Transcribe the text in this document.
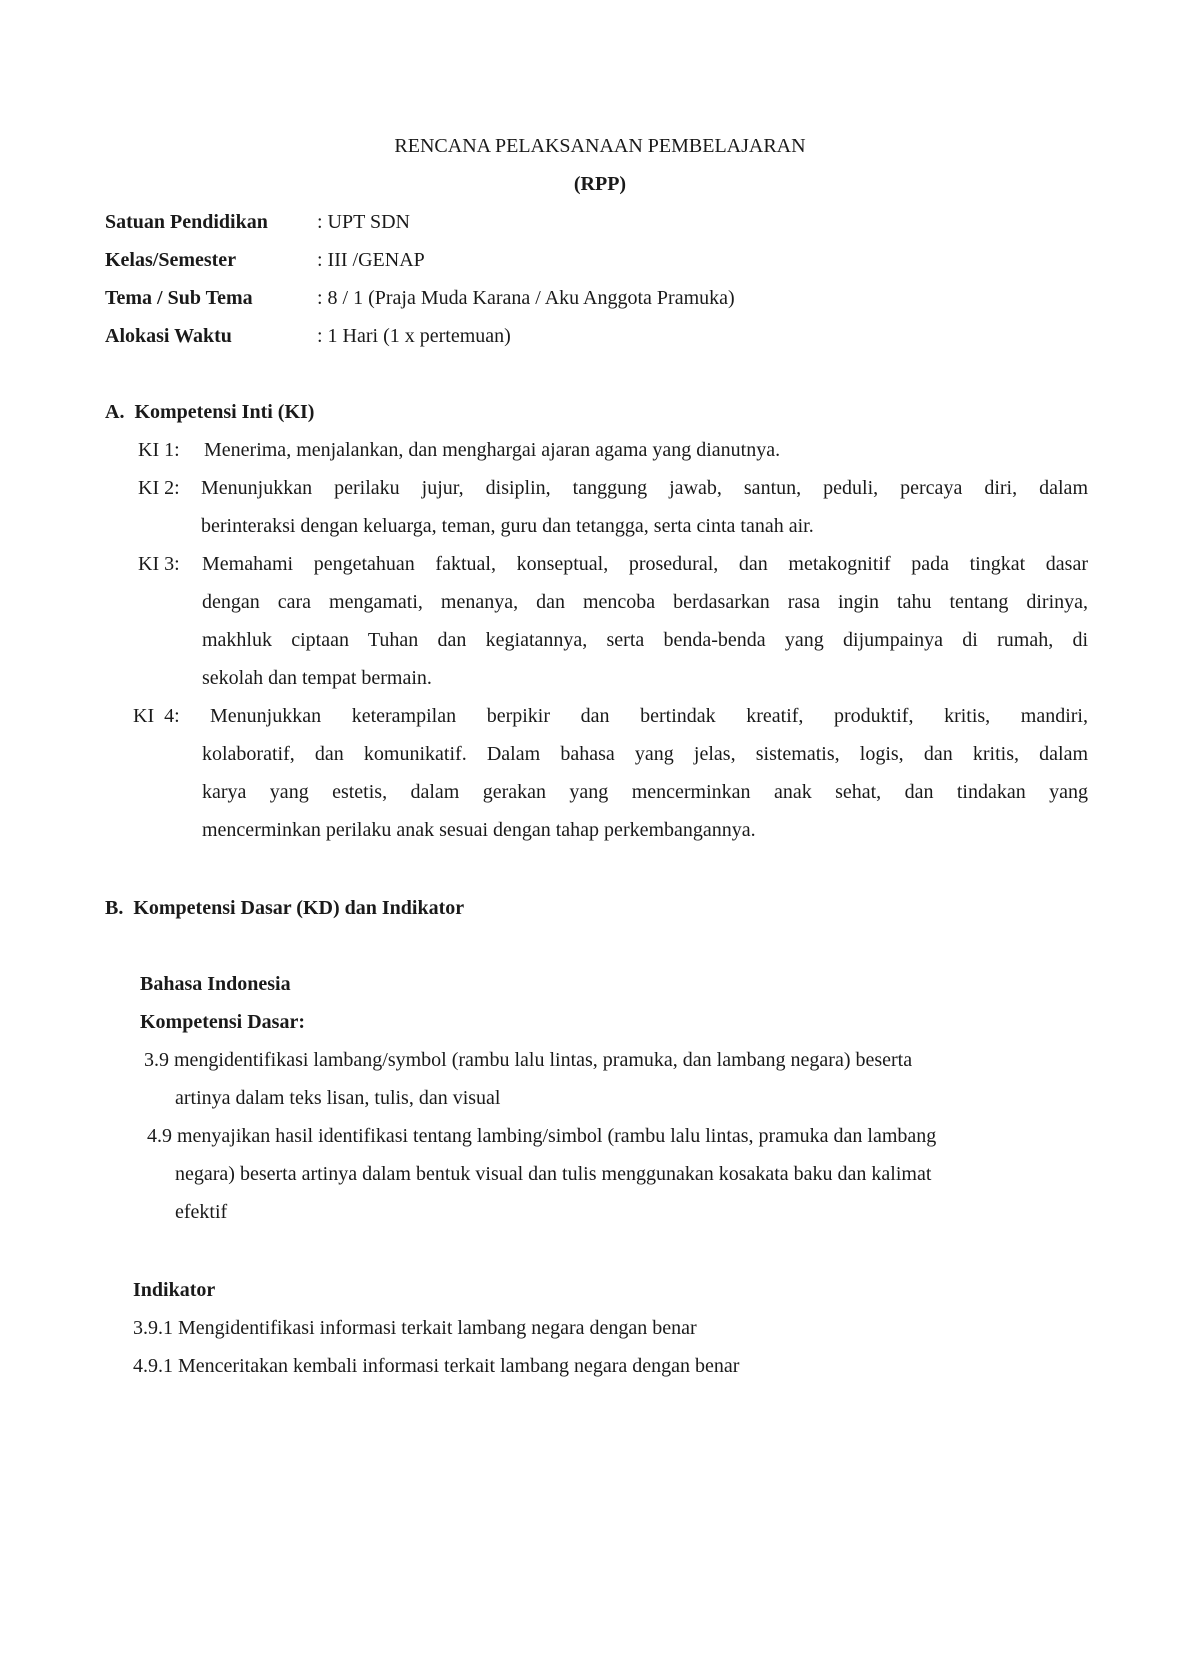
RENCANA PELAKSANAAN PEMBELAJARAN
(RPP)
Satuan Pendidikan : UPT SDN
Kelas/Semester	: III /GENAP
Tema / Sub Tema	: 8 / 1 (Praja Muda Karana / Aku Anggota Pramuka)
Alokasi Waktu	: 1 Hari (1 x pertemuan)
A.  Kompetensi Inti (KI)
KI 1: Menerima, menjalankan, dan menghargai ajaran agama yang dianutnya.
KI 2: Menunjukkan perilaku jujur, disiplin, tanggung jawab, santun, peduli, percaya diri, dalam
berinteraksi dengan keluarga, teman, guru dan tetangga, serta cinta tanah air.
KI 3: Memahami pengetahuan faktual, konseptual, prosedural, dan metakognitif pada tingkat dasar
dengan cara mengamati, menanya, dan mencoba berdasarkan rasa ingin tahu tentang dirinya,
makhluk ciptaan Tuhan dan kegiatannya, serta benda-benda yang dijumpainya di rumah, di
sekolah dan tempat bermain.
KI  4: Menunjukkan keterampilan berpikir dan bertindak kreatif, produktif, kritis, mandiri,
kolaboratif, dan komunikatif. Dalam bahasa yang jelas, sistematis, logis, dan kritis, dalam
karya yang estetis, dalam gerakan yang mencerminkan anak sehat, dan tindakan yang
mencerminkan perilaku anak sesuai dengan tahap perkembangannya.
B.  Kompetensi Dasar (KD) dan Indikator
Bahasa Indonesia
Kompetensi Dasar:
3.9 mengidentifikasi lambang/symbol (rambu lalu lintas, pramuka, dan lambang negara) beserta
artinya dalam teks lisan, tulis, dan visual
4.9 menyajikan hasil identifikasi tentang lambing/simbol (rambu lalu lintas, pramuka dan lambang
negara) beserta artinya dalam bentuk visual dan tulis menggunakan kosakata baku dan kalimat
efektif
Indikator
3.9.1 Mengidentifikasi informasi terkait lambang negara dengan benar
4.9.1 Menceritakan kembali informasi terkait lambang negara dengan benar
